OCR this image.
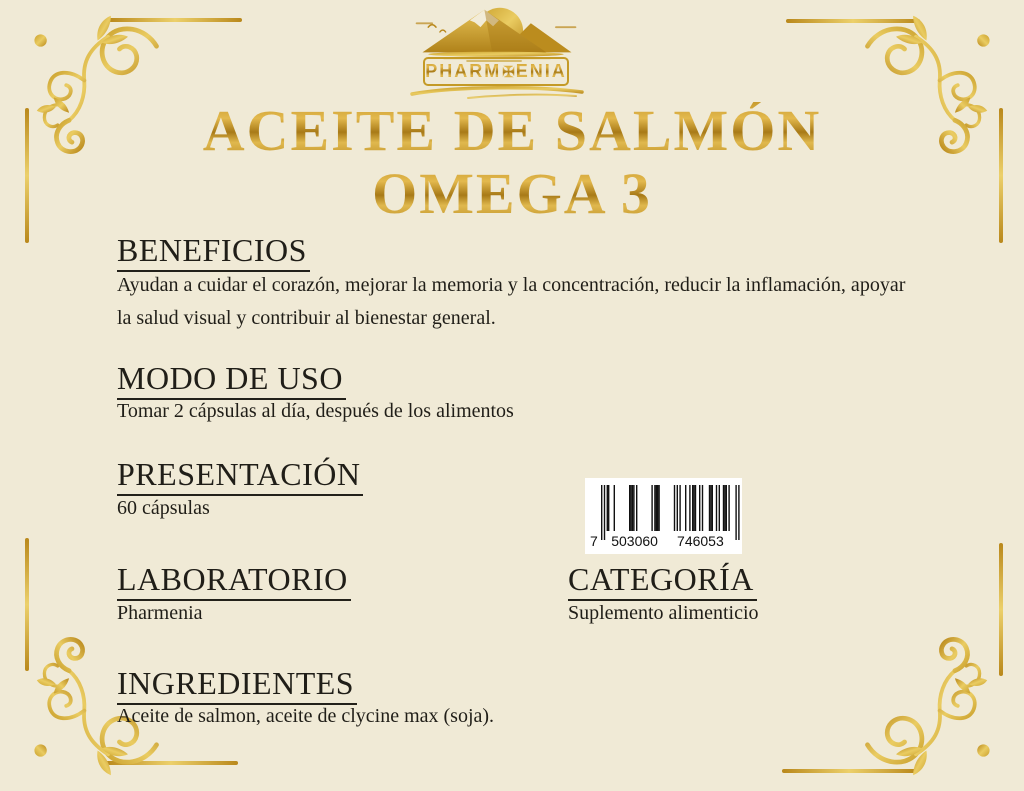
PHARM ✠ ENIA
ACEITE DE SALMÓN
OMEGA 3
BENEFICIOS
Ayudan a cuidar el corazón, mejorar la memoria y la concentración, reducir la inflamación, apoyar
la salud visual y contribuir al bienestar general.
MODO DE USO
Tomar 2 cápsulas al día, después de los alimentos
PRESENTACIÓN
60 cápsulas
7 503060 746053
LABORATORIO
Pharmenia
CATEGORÍA
Suplemento alimenticio
INGREDIENTES
Aceite de salmon, aceite de clycine max (soja).
